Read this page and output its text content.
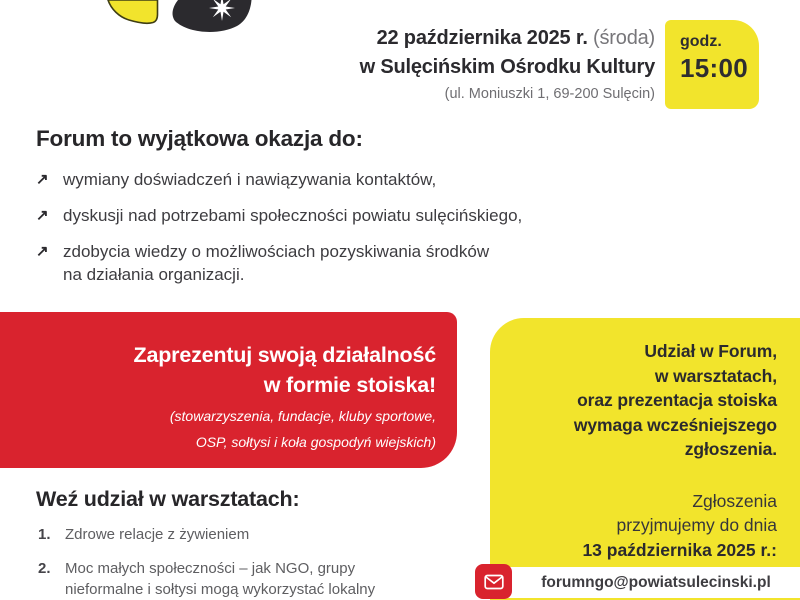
22 października 2025 r. (środa)
w Sulęcińskim Ośrodku Kultury
(ul. Moniuszki 1, 69-200 Sulęcin)
godz.
15:00
Forum to wyjątkowa okazja do:
↗ wymiany doświadczeń i nawiązywania kontaktów,
↗ dyskusji nad potrzebami społeczności powiatu sulęcińskiego,
↗ zdobycia wiedzy o możliwościach pozyskiwania środków
na działania organizacji.
Zaprezentuj swoją działalność
w formie stoiska!
(stowarzyszenia, fundacje, kluby sportowe,
OSP, sołtysi i koła gospodyń wiejskich)
Udział w Forum,
w warsztatach,
oraz prezentacja stoiska
wymaga wcześniejszego
zgłoszenia.
Zgłoszenia
przyjmujemy do dnia
13 października 2025 r.:
Weź udział w warsztatach:
1. Zdrowe relacje z żywieniem
2. Moc małych społeczności – jak NGO, grupy
nieformalne i sołtysi mogą wykorzystać lokalny	forumngo@powiatsulecinski.pl
